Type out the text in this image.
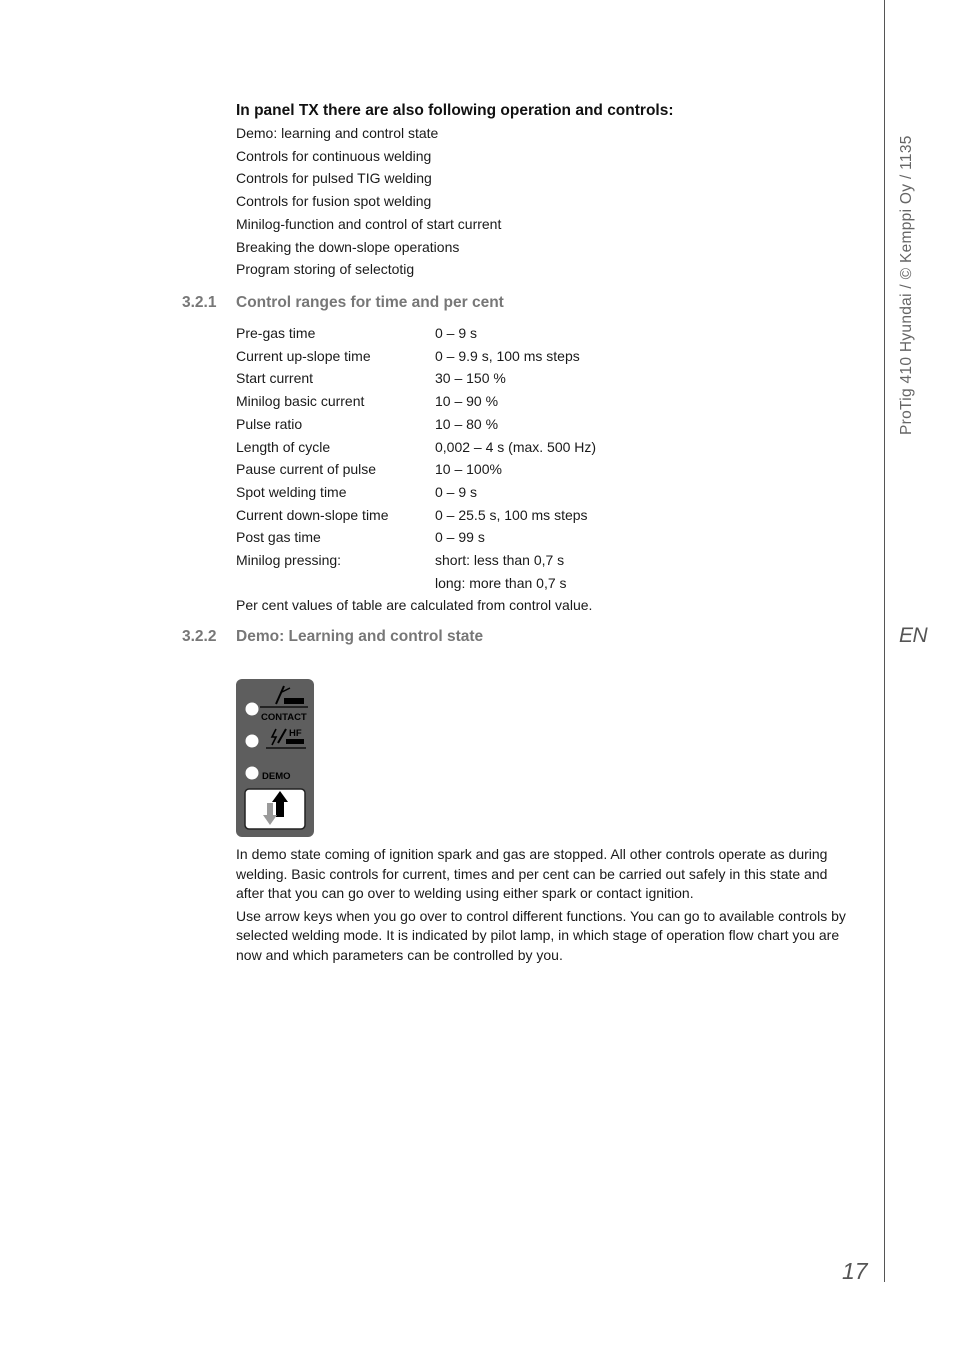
ProTig 410 Hyundai / © Kemppi Oy / 1135
EN
17
In panel TX there are also following operation and controls:
Demo: learning and control state
Controls for continuous welding
Controls for pulsed TIG welding
Controls for fusion spot welding
Minilog-function and control of start current
Breaking the down-slope operations
Program storing of selectotig
3.2.1 Control ranges for time and per cent
Pre-gas time	0 – 9 s
Current up-slope time	0 – 9.9 s, 100 ms steps
Start current	30 – 150 %
Minilog basic current	10 – 90 %
Pulse ratio	10 – 80 %
Length of cycle	0,002 – 4 s (max. 500 Hz)
Pause current of pulse	10 – 100%
Spot welding time	0 – 9 s
Current down-slope time	0 – 25.5 s, 100 ms steps
Post gas time	0 – 99 s
Minilog pressing:	short: less than 0,7 s
long: more than 0,7 s
Per cent values of table are calculated from control value.
3.2.2 Demo: Learning and control state
CONTACT
HF
DEMO

In demo state coming of ignition spark and gas are stopped. All other controls operate as during welding. Basic controls for current, times and per cent can be carried out safely in this state and after that you can go over to welding using either spark or contact ignition.

Use arrow keys when you go over to control different functions. You can go to available controls by selected welding mode. It is indicated by pilot lamp, in which stage of operation flow chart you are now and which parameters can be controlled by you.
